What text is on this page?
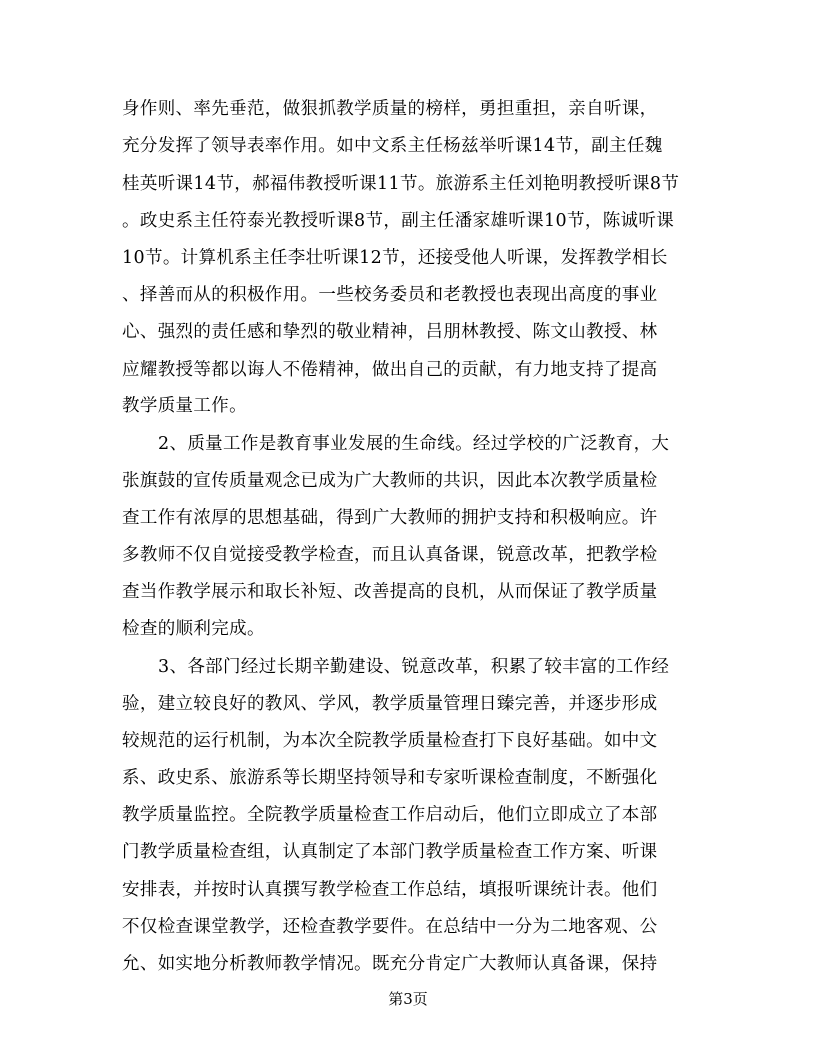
身作则、率先垂范，做狠抓教学质量的榜样，勇担重担，亲自听课，
充分发挥了领导表率作用。如中文系主任杨兹举听课14节，副主任魏
桂英听课14节，郝福伟教授听课11节。旅游系主任刘艳明教授听课8节
。政史系主任符泰光教授听课8节，副主任潘家雄听课10节，陈诚听课
10节。计算机系主任李壮听课12节，还接受他人听课，发挥教学相长
、择善而从的积极作用。一些校务委员和老教授也表现出高度的事业
心、强烈的责任感和挚烈的敬业精神，吕朋林教授、陈文山教授、林
应耀教授等都以诲人不倦精神，做出自己的贡献，有力地支持了提高
教学质量工作。
2、质量工作是教育事业发展的生命线。经过学校的广泛教育，大
张旗鼓的宣传质量观念已成为广大教师的共识，因此本次教学质量检
查工作有浓厚的思想基础，得到广大教师的拥护支持和积极响应。许
多教师不仅自觉接受教学检查，而且认真备课，锐意改革，把教学检
查当作教学展示和取长补短、改善提高的良机，从而保证了教学质量
检查的顺利完成。
3、各部门经过长期辛勤建设、锐意改革，积累了较丰富的工作经
验，建立较良好的教风、学风，教学质量管理日臻完善，并逐步形成
较规范的运行机制，为本次全院教学质量检查打下良好基础。如中文
系、政史系、旅游系等长期坚持领导和专家听课检查制度，不断强化
教学质量监控。全院教学质量检查工作启动后，他们立即成立了本部
门教学质量检查组，认真制定了本部门教学质量检查工作方案、听课
安排表，并按时认真撰写教学检查工作总结，填报听课统计表。他们
不仅检查课堂教学，还检查教学要件。在总结中一分为二地客观、公
允、如实地分析教师教学情况。既充分肯定广大教师认真备课，保持
第3页
